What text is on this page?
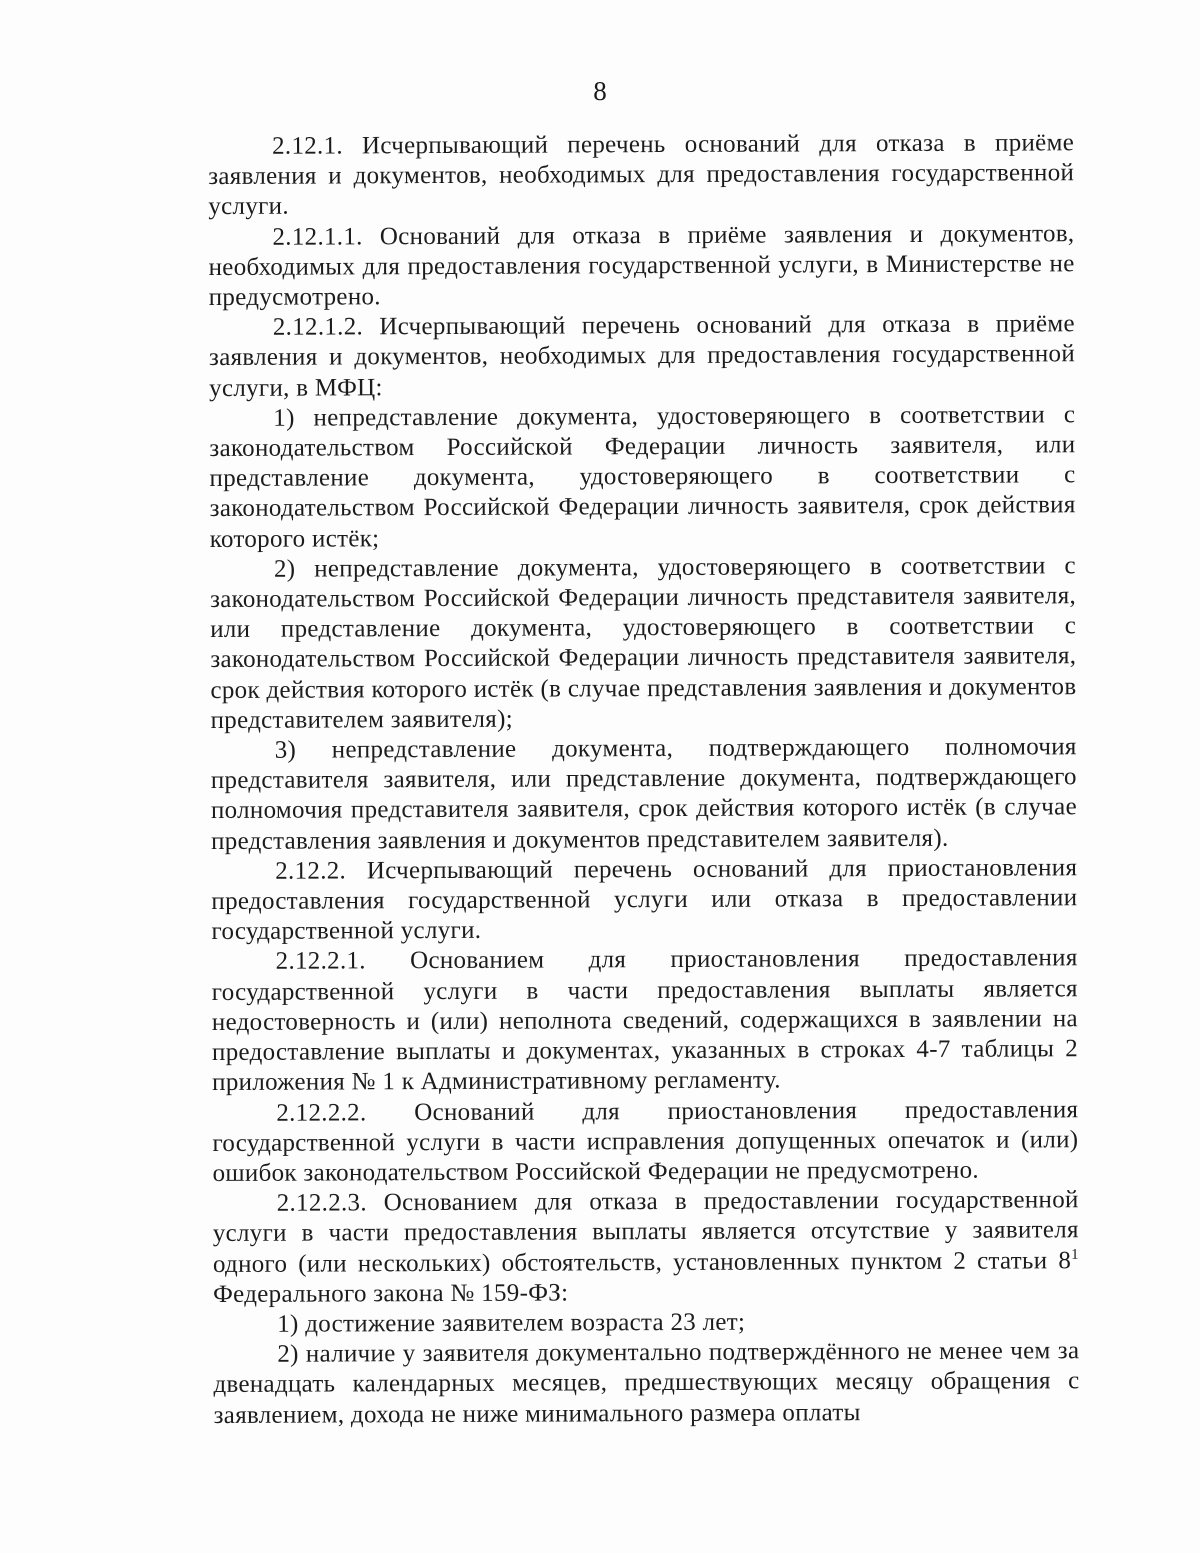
8

2.12.1. Исчерпывающий перечень оснований для отказа в приёме заявления и документов, необходимых для предоставления государственной услуги.

2.12.1.1. Оснований для отказа в приёме заявления и документов, необходимых для предоставления государственной услуги, в Министерстве не предусмотрено.

2.12.1.2. Исчерпывающий перечень оснований для отказа в приёме заявления и документов, необходимых для предоставления государственной услуги, в МФЦ:

1) непредставление документа, удостоверяющего в соответствии с законодательством Российской Федерации личность заявителя, или представление документа, удостоверяющего в соответствии с законодательством Российской Федерации личность заявителя, срок действия которого истёк;

2) непредставление документа, удостоверяющего в соответствии с законодательством Российской Федерации личность представителя заявителя, или представление документа, удостоверяющего в соответствии с законодательством Российской Федерации личность представителя заявителя, срок действия которого истёк (в случае представления заявления и документов представителем заявителя);

3) непредставление документа, подтверждающего полномочия представителя заявителя, или представление документа, подтверждающего полномочия представителя заявителя, срок действия которого истёк (в случае представления заявления и документов представителем заявителя).

2.12.2. Исчерпывающий перечень оснований для приостановления предоставления государственной услуги или отказа в предоставлении государственной услуги.

2.12.2.1. Основанием для приостановления предоставления государственной услуги в части предоставления выплаты является недостоверность и (или) неполнота сведений, содержащихся в заявлении на предоставление выплаты и документах, указанных в строках 4-7 таблицы 2 приложения № 1 к Административному регламенту.

2.12.2.2. Оснований для приостановления предоставления государственной услуги в части исправления допущенных опечаток и (или) ошибок законодательством Российской Федерации не предусмотрено.

2.12.2.3. Основанием для отказа в предоставлении государственной услуги в части предоставления выплаты является отсутствие у заявителя одного (или нескольких) обстоятельств, установленных пунктом 2 статьи $8^1$ Федерального закона № 159-ФЗ:

1) достижение заявителем возраста 23 лет;

2) наличие у заявителя документально подтверждённого не менее чем за двенадцать календарных месяцев, предшествующих месяцу обращения с заявлением, дохода не ниже минимального размера оплаты
